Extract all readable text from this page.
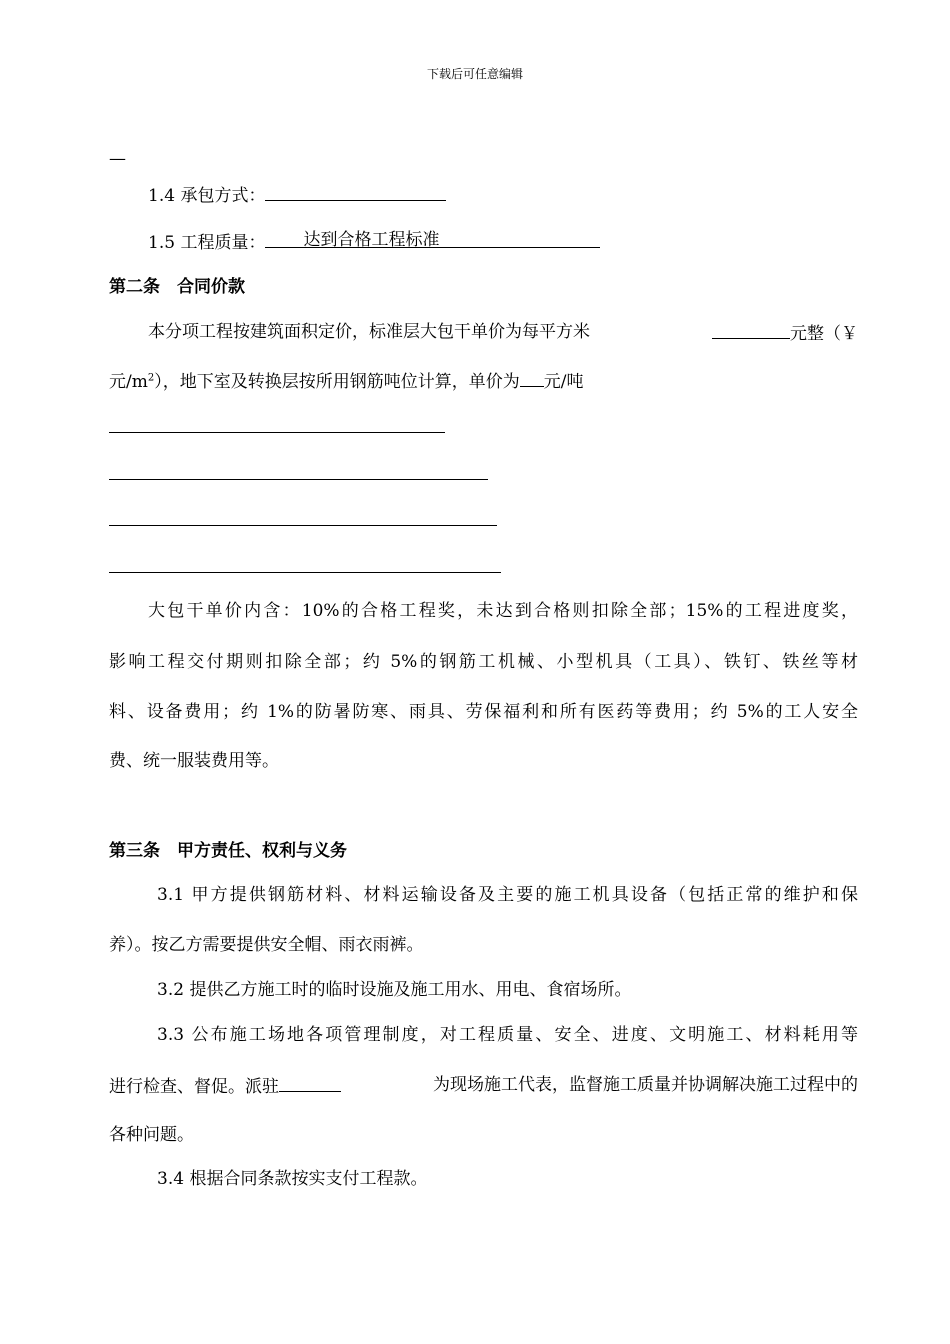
下载后可任意编辑
—
1.4 承包方式：
1.5 工程质量： 达到合格工程标准
第二条　合同价款
本分项工程按建筑面积定价，标准层大包干单价为每平方米	元整（￥
元$/m^2$），地下室及转换层按所用钢筋吨位计算，单价为 元/吨
大包干单价内含：10%的合格工程奖，未达到合格则扣除全部；15%的工程进度奖，
影响工程交付期则扣除全部；约 5%的钢筋工机械、小型机具（工具）、铁钉、铁丝等材
料、设备费用；约 1%的防暑防寒、雨具、劳保福利和所有医药等费用；约 5%的工人安全
费、统一服装费用等。
第三条　甲方责任、权利与义务
3.1 甲方提供钢筋材料、材料运输设备及主要的施工机具设备（包括正常的维护和保
养）。按乙方需要提供安全帽、雨衣雨裤。
3.2 提供乙方施工时的临时设施及施工用水、用电、食宿场所。
3.3 公布施工场地各项管理制度，对工程质量、安全、进度、文明施工、材料耗用等
进行检查、督促。派驻	为现场施工代表，监督施工质量并协调解决施工过程中的
各种问题。
3.4 根据合同条款按实支付工程款。
